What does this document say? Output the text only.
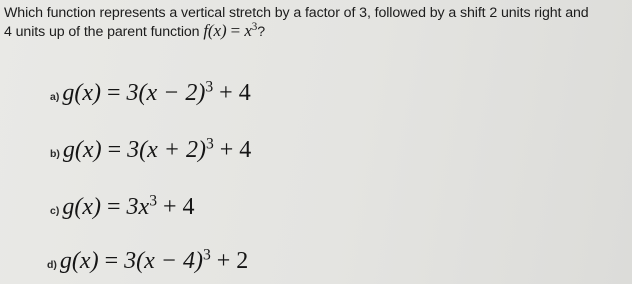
Which function represents a vertical stretch by a factor of 3, followed by a shift 2 units right and
4 units up of the parent function $f(x) = x^3$?
a) $g(x) = 3(x - 2)^3 + 4$
b) $g(x) = 3(x + 2)^3 + 4$
c) $g(x) = 3x^3 + 4$
d) $g(x) = 3(x - 4)^3 + 2$
